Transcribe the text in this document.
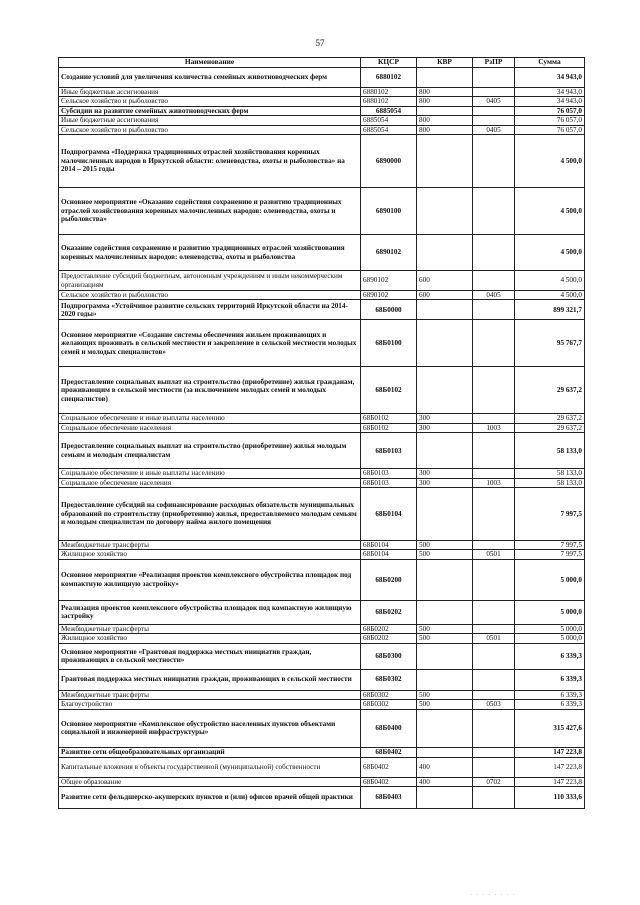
57
Наименование	КЦСР	КВР	РзПР	Сумма
Создание условий для увеличения количества семейных животноводческих ферм	6880102			34 943,0
Иные бюджетные ассигнования	6880102	800		34 943,0
Сельское хозяйство и рыболовство	6880102	800	0405	34 943,0
Субсидии на развитие семейных животноводческих ферм	6885054			76 057,0
Иные бюджетные ассигнования	6885054	800		76 057,0
Сельское хозяйство и рыболовство	6885054	800	0405	76 057,0
Подпрограмма «Поддержка традиционных отраслей хозяйствования коренных малочисленных народов в Иркутской области: оленеводства, охоты и рыболовства» на 2014 – 2015 годы	6890000			4 500,0
Основное мероприятие «Оказание содействия сохранению и развитию традиционных отраслей хозяйствования коренных малочисленных народов: оленеводства, охоты и рыболовства»	6890100			4 500,0
Оказание содействия сохранению и развитию традиционных отраслей хозяйствования коренных малочисленных народов: оленеводства, охоты и рыболовства	6890102			4 500,0
Предоставление субсидий бюджетным, автономным учреждениям и иным некоммерческим организациям	6890102	600		4 500,0
Сельское хозяйство и рыболовство	6890102	600	0405	4 500,0
Подпрограмма «Устойчивое развитие сельских территорий Иркутской области на 2014-2020 годы»	68Б0000			899 321,7
Основное мероприятие «Создание системы обеспечения жильем проживающих и желающих проживать в сельской местности и закрепление в сельской местности молодых семей и молодых специалистов»	68Б0100			95 767,7
Предоставление социальных выплат на строительство (приобретение) жилья гражданам, проживающим в сельской местности (за исключением молодых семей и молодых специалистов)	68Б0102			29 637,2
Социальное обеспечение и иные выплаты населению	68Б0102	300		29 637,2
Социальное обеспечение населения	68Б0102	300	1003	29 637,2
Предоставление социальных выплат на строительство (приобретение) жилья молодым семьям и молодым специалистам	68Б0103			58 133,0
Социальное обеспечение и иные выплаты населению	68Б0103	300		58 133,0
Социальное обеспечение населения	68Б0103	300	1003	58 133,0
Предоставление субсидий на софинансирование расходных обязательств муниципальных образований по строительству (приобретению) жилья, предоставляемого молодым семьям и молодым специалистам по договору найма жилого помещения	68Б0104			7 997,5
Межбюджетные трансферты	68Б0104	500		7 997,5
Жилищное хозяйство	68Б0104	500	0501	7 997,5
Основное мероприятие «Реализация проектов комплексного обустройства площадок под компактную жилищную застройку»	68Б0200			5 000,0
Реализация проектов комплексного обустройства площадок под компактную жилищную застройку	68Б0202			5 000,0
Межбюджетные трансферты	68Б0202	500		5 000,0
Жилищное хозяйство	68Б0202	500	0501	5 000,0
Основное мероприятие «Грантовая поддержка местных инициатив граждан, проживающих в сельской местности»	68Б0300			6 339,3
Грантовая поддержка местных инициатив граждан, проживающих в сельской местности	68Б0302			6 339,3
Межбюджетные трансферты	68Б0302	500		6 339,3
Благоустройство	68Б0302	500	0503	6 339,3
Основное мероприятие «Комплексное обустройство населенных пунктов объектами социальной и инженерной инфраструктуры»	68Б0400			315 427,6
Развитие сети общеобразовательных организаций	68Б0402			147 223,8
Капитальные вложения в объекты государственной (муниципальной) собственности	68Б0402	400		147 223,8
Общее образование	68Б0402	400	0702	147 223,8
Развитие сети фельдшерско-акушерских пунктов и (или) офисов врачей общей практики	68Б0403			110 333,6
· · · · · · · ·
